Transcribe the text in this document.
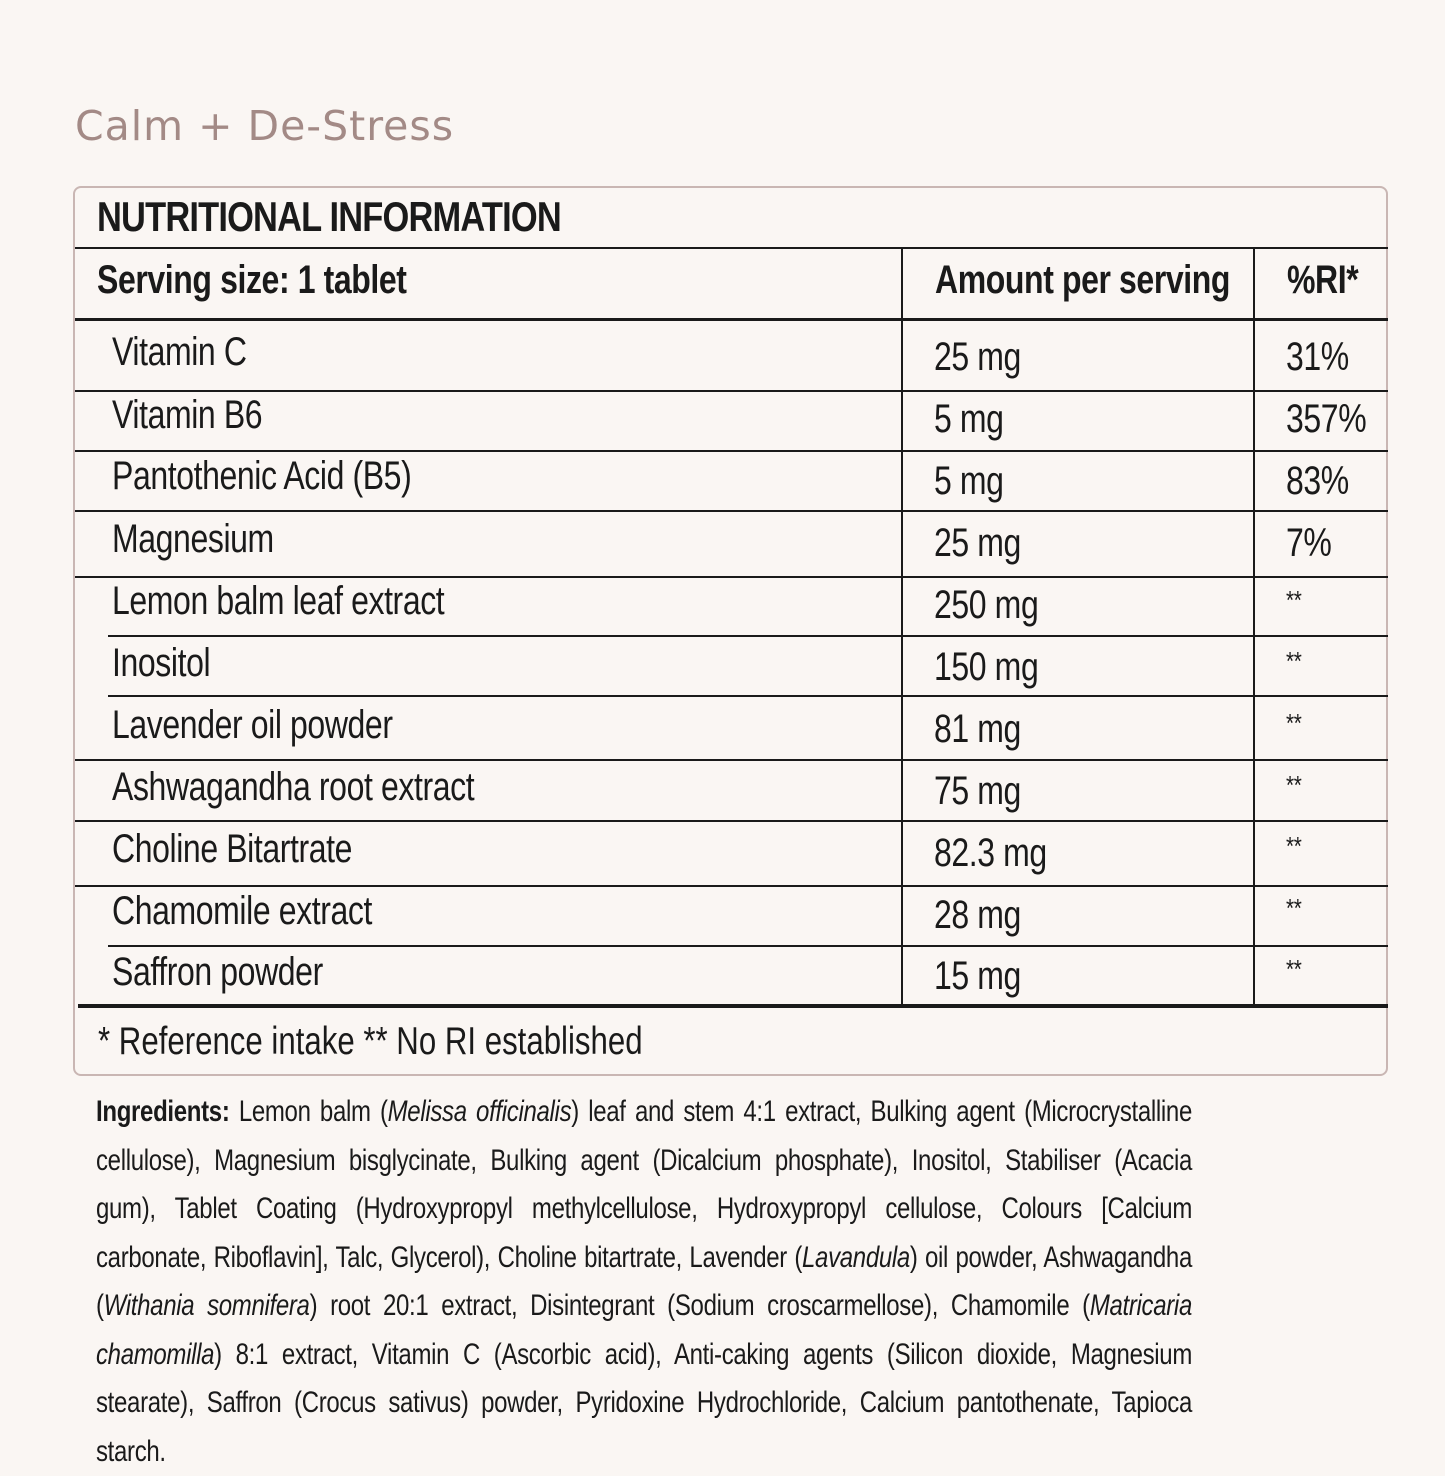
Calm + De-Stress
NUTRITIONAL INFORMATION
Serving size: 1 tablet	Amount per serving %RI*
Vitamin C	25 mg	31%
Vitamin B6	5 mg	357%
Pantothenic Acid (B5)	5 mg	83%
Magnesium	25 mg	7%
Lemon balm leaf extract	250 mg	**
Inositol	150 mg	**
Lavender oil powder	81 mg	**
Ashwagandha root extract	75 mg	**
Choline Bitartrate	82.3 mg	**
Chamomile extract	28 mg	**
Saffron powder	15 mg	**
* Reference intake ** No RI established
Ingredients: Lemon balm (Melissa officinalis) leaf and stem 4:1 extract, Bulking agent (Microcrystalline cellulose), Magnesium bisglycinate, Bulking agent (Dicalcium phosphate), Inositol, Stabiliser (Acacia gum), Tablet Coating (Hydroxypropyl methylcellulose, Hydroxypropyl cellulose, Colours [Calcium carbonate, Riboflavin], Talc, Glycerol), Choline bitartrate, Lavender (Lavandula) oil powder, Ashwagandha (Withania somnifera) root 20:1 extract, Disintegrant (Sodium croscarmellose), Chamomile (Matricaria chamomilla) 8:1 extract, Vitamin C (Ascorbic acid), Anti-caking agents (Silicon dioxide, Magnesium stearate), Saffron (Crocus sativus) powder, Pyridoxine Hydrochloride, Calcium pantothenate, Tapioca starch.
